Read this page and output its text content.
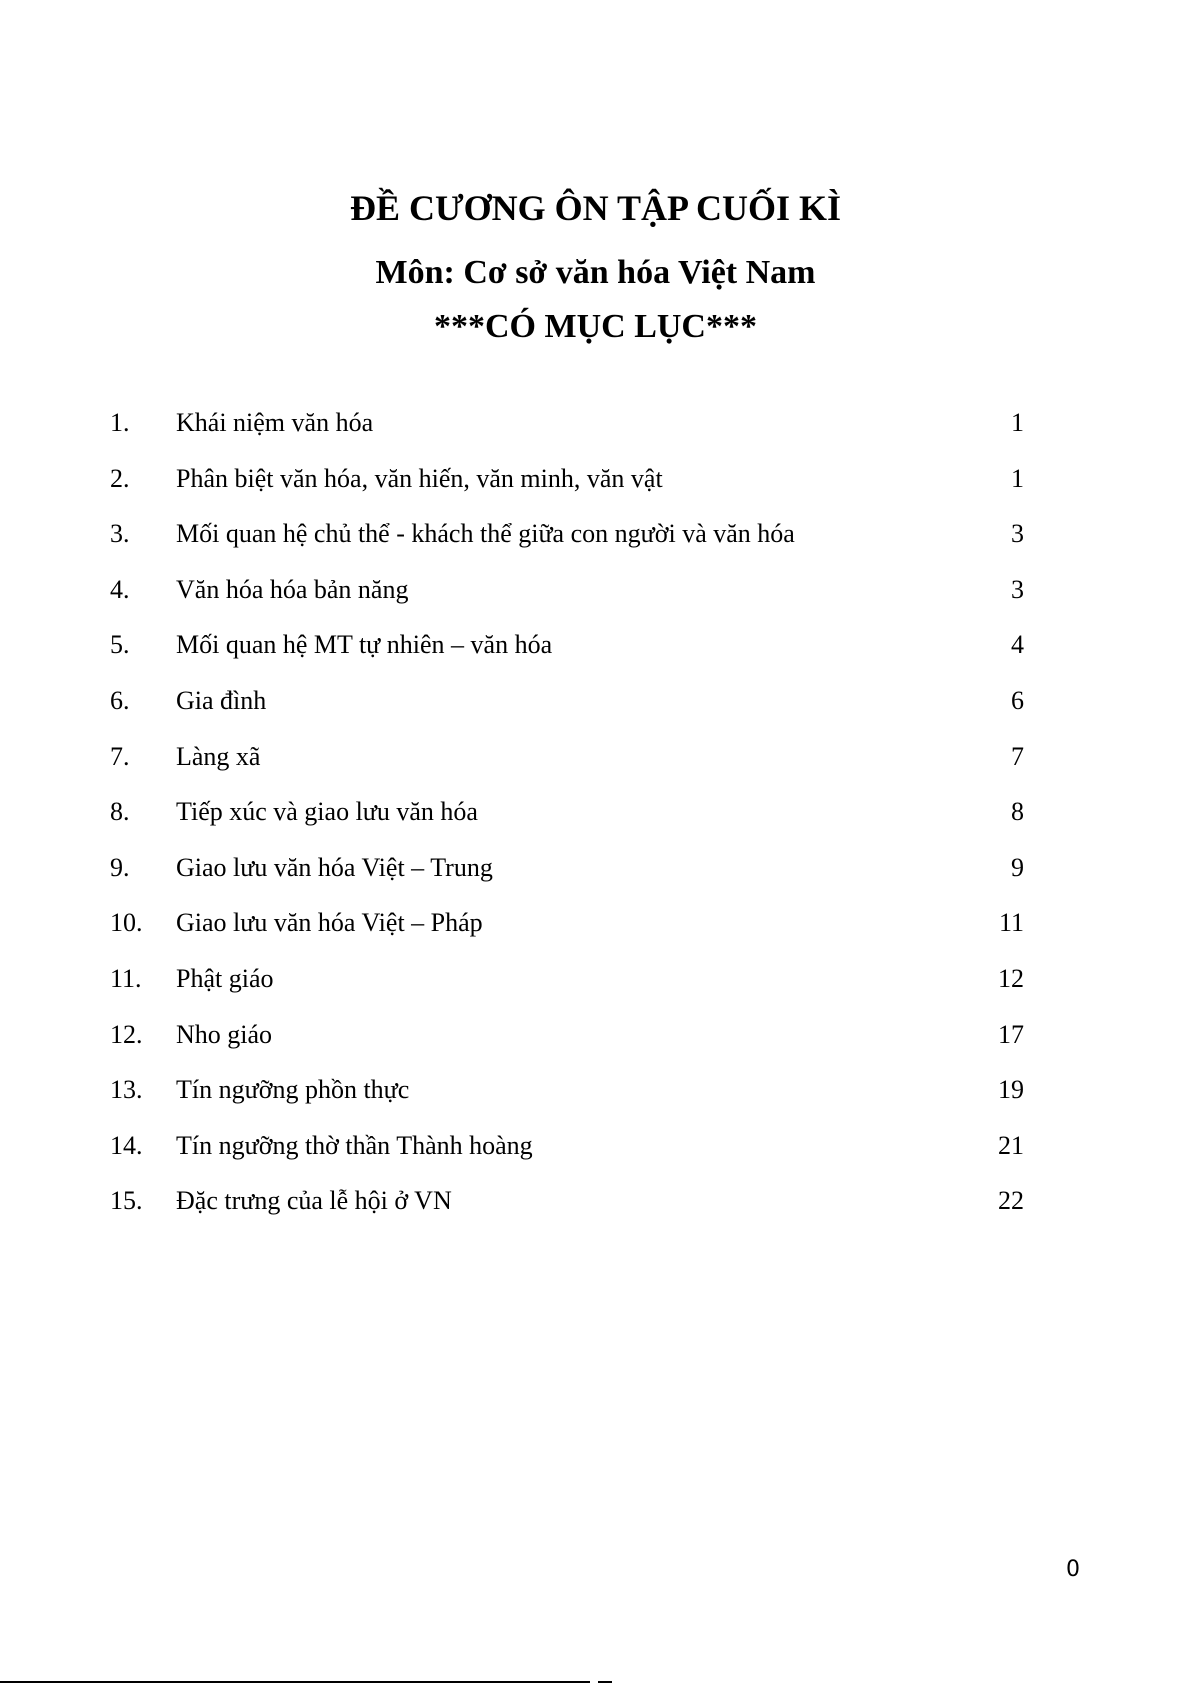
ĐỀ CƯƠNG ÔN TẬP CUỐI KÌ
Môn: Cơ sở văn hóa Việt Nam
***CÓ MỤC LỤC***
1. Khái niệm văn hóa	1
2. Phân biệt văn hóa, văn hiến, văn minh, văn vật	1
3. Mối quan hệ chủ thể - khách thể giữa con người và văn hóa	3
4. Văn hóa hóa bản năng	3
5. Mối quan hệ MT tự nhiên – văn hóa	4
6. Gia đình	6
7. Làng xã	7
8. Tiếp xúc và giao lưu văn hóa	8
9. Giao lưu văn hóa Việt – Trung	9
10. Giao lưu văn hóa Việt – Pháp	11
11. Phật giáo	12
12. Nho giáo	17
13. Tín ngưỡng phồn thực	19
14. Tín ngưỡng thờ thần Thành hoàng	21
15. Đặc trưng của lễ hội ở VN	22
0
